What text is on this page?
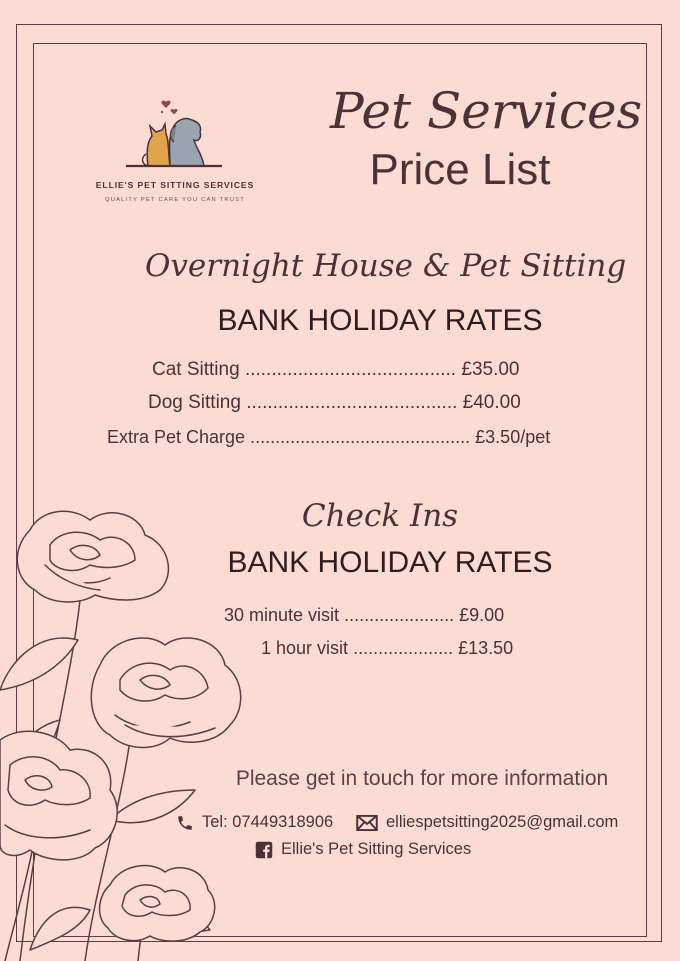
ELLIE'S PET SITTING SERVICES
QUALITY PET CARE YOU CAN TRUST
Pet Services
Price List
Overnight House & Pet Sitting
BANK HOLIDAY RATES
Cat Sitting ........................................ £35.00
Dog Sitting ........................................ £40.00
Extra Pet Charge ............................................ £3.50/pet
Check Ins
BANK HOLIDAY RATES
30 minute visit ...................... £9.00
1 hour visit .................... £13.50
Please get in touch for more information
Tel: 07449318906	elliespetsitting2025@gmail.com
Ellie's Pet Sitting Services
